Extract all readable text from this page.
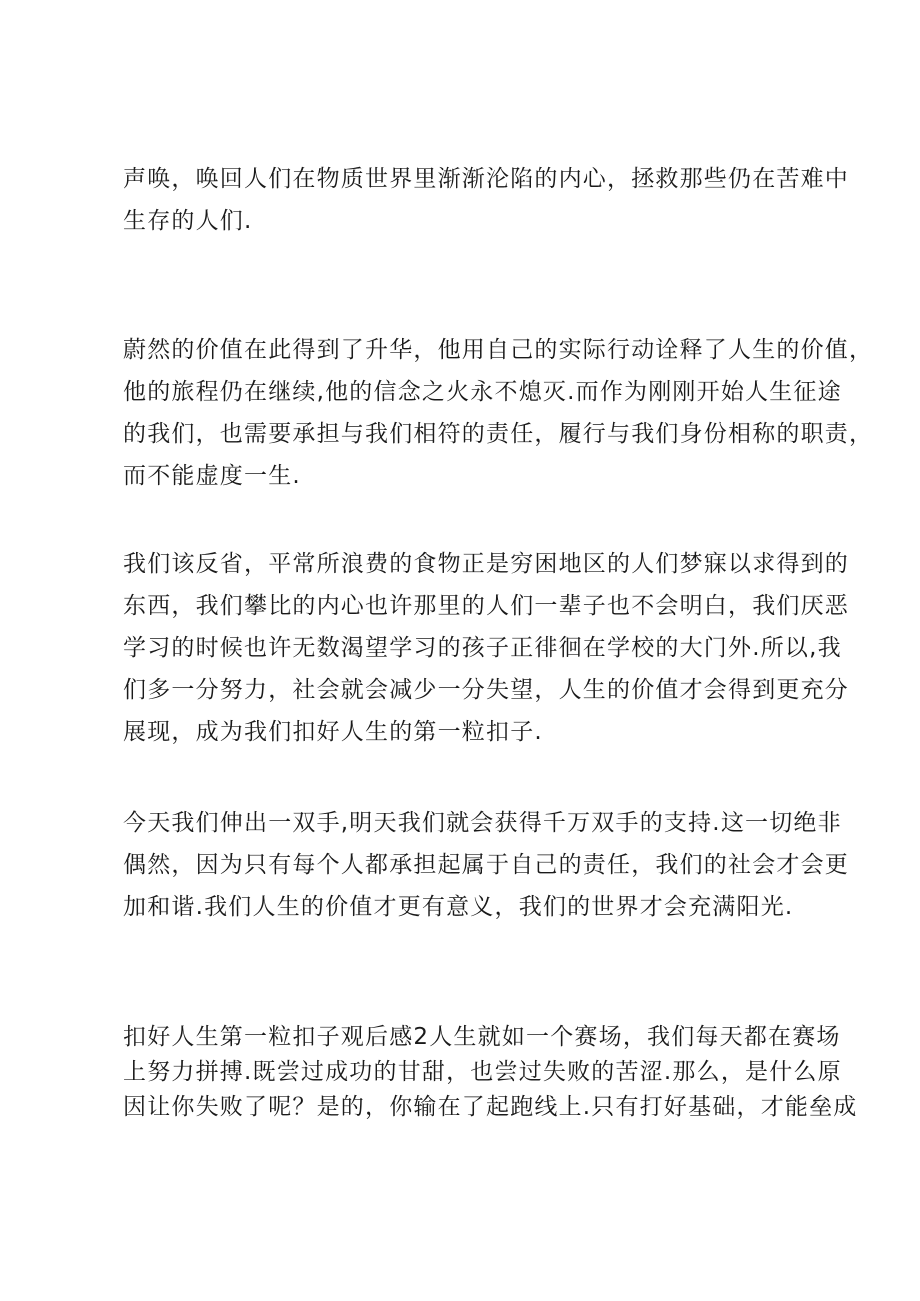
声唤，唤回人们在物质世界里渐渐沦陷的内心，拯救那些仍在苦难中
生存的人们.
蔚然的价值在此得到了升华，他用自己的实际行动诠释了人生的价值，
他的旅程仍在继续,他的信念之火永不熄灭.而作为刚刚开始人生征途
的我们，也需要承担与我们相符的责任，履行与我们身份相称的职责，
而不能虚度一生.
我们该反省，平常所浪费的食物正是穷困地区的人们梦寐以求得到的
东西，我们攀比的内心也许那里的人们一辈子也不会明白，我们厌恶
学习的时候也许无数渴望学习的孩子正徘徊在学校的大门外.所以,我
们多一分努力，社会就会减少一分失望，人生的价值才会得到更充分
展现，成为我们扣好人生的第一粒扣子.
今天我们伸出一双手,明天我们就会获得千万双手的支持.这一切绝非
偶然，因为只有每个人都承担起属于自己的责任，我们的社会才会更
加和谐.我们人生的价值才更有意义，我们的世界才会充满阳光.
扣好人生第一粒扣子观后感2人生就如一个赛场，我们每天都在赛场
上努力拼搏.既尝过成功的甘甜，也尝过失败的苦涩.那么，是什么原
因让你失败了呢？是的，你输在了起跑线上.只有打好基础，才能垒成
